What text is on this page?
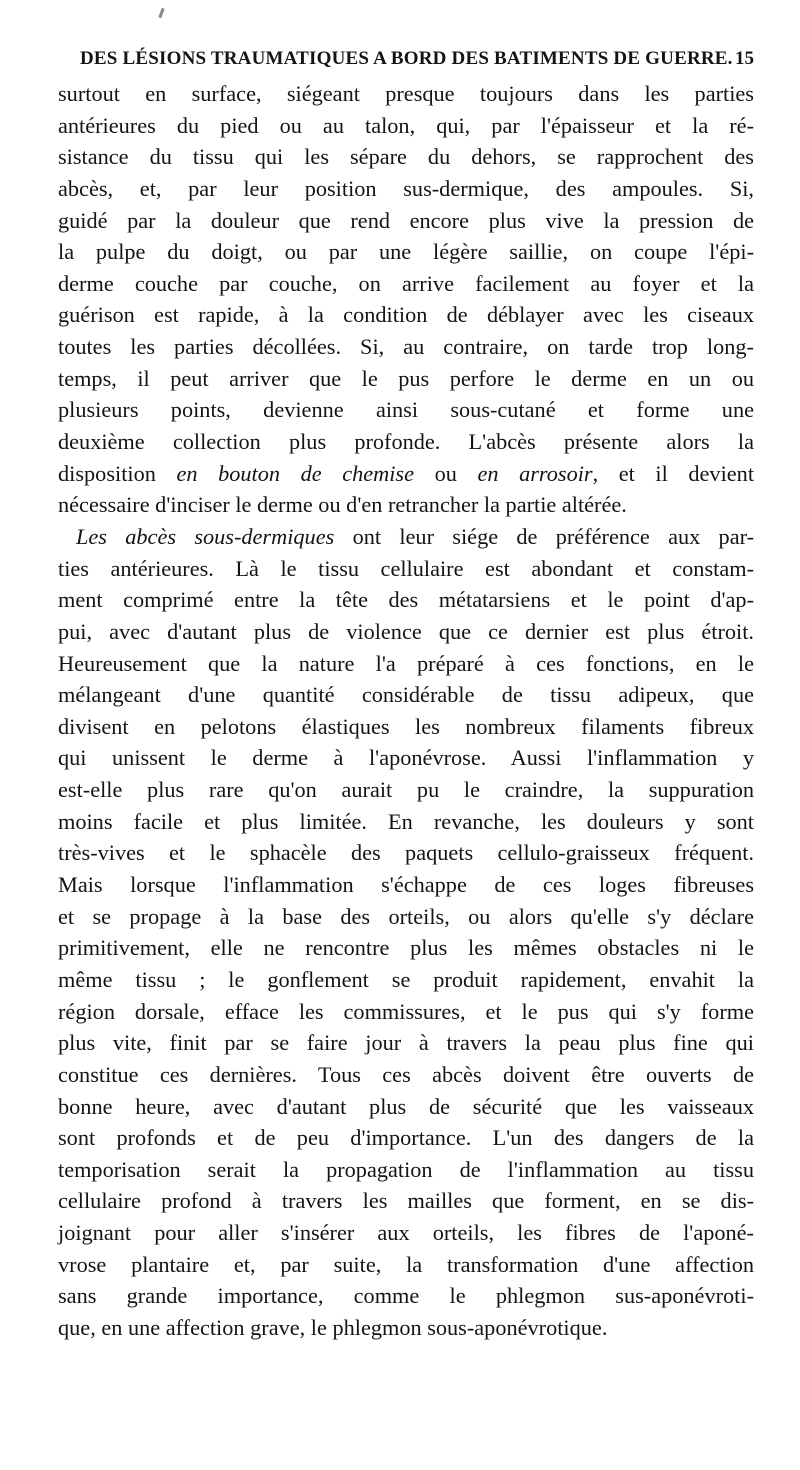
DES LÉSIONS TRAUMATIQUES A BORD DES BATIMENTS DE GUERRE. 15
surtout en surface, siégeant presque toujours dans les parties
antérieures du pied ou au talon, qui, par l'épaisseur et la ré-
sistance du tissu qui les sépare du dehors, se rapprochent des
abcès, et, par leur position sus-dermique, des ampoules. Si,
guidé par la douleur que rend encore plus vive la pression de
la pulpe du doigt, ou par une légère saillie, on coupe l'épi-
derme couche par couche, on arrive facilement au foyer et la
guérison est rapide, à la condition de déblayer avec les ciseaux
toutes les parties décollées. Si, au contraire, on tarde trop long-
temps, il peut arriver que le pus perfore le derme en un ou
plusieurs points, devienne ainsi sous-cutané et forme une
deuxième collection plus profonde. L'abcès présente alors la
disposition en bouton de chemise ou en arrosoir, et il devient
nécessaire d'inciser le derme ou d'en retrancher la partie altérée.
Les abcès sous-dermiques ont leur siége de préférence aux par-
ties antérieures. Là le tissu cellulaire est abondant et constam-
ment comprimé entre la tête des métatarsiens et le point d'ap-
pui, avec d'autant plus de violence que ce dernier est plus étroit.
Heureusement que la nature l'a préparé à ces fonctions, en le
mélangeant d'une quantité considérable de tissu adipeux, que
divisent en pelotons élastiques les nombreux filaments fibreux
qui unissent le derme à l'aponévrose. Aussi l'inflammation y
est-elle plus rare qu'on aurait pu le craindre, la suppuration
moins facile et plus limitée. En revanche, les douleurs y sont
très-vives et le sphacèle des paquets cellulo-graisseux fréquent.
Mais lorsque l'inflammation s'échappe de ces loges fibreuses
et se propage à la base des orteils, ou alors qu'elle s'y déclare
primitivement, elle ne rencontre plus les mêmes obstacles ni le
même tissu ; le gonflement se produit rapidement, envahit la
région dorsale, efface les commissures, et le pus qui s'y forme
plus vite, finit par se faire jour à travers la peau plus fine qui
constitue ces dernières. Tous ces abcès doivent être ouverts de
bonne heure, avec d'autant plus de sécurité que les vaisseaux
sont profonds et de peu d'importance. L'un des dangers de la
temporisation serait la propagation de l'inflammation au tissu
cellulaire profond à travers les mailles que forment, en se dis-
joignant pour aller s'insérer aux orteils, les fibres de l'aponé-
vrose plantaire et, par suite, la transformation d'une affection
sans grande importance, comme le phlegmon sus-aponévroti-
que, en une affection grave, le phlegmon sous-aponévrotique.
